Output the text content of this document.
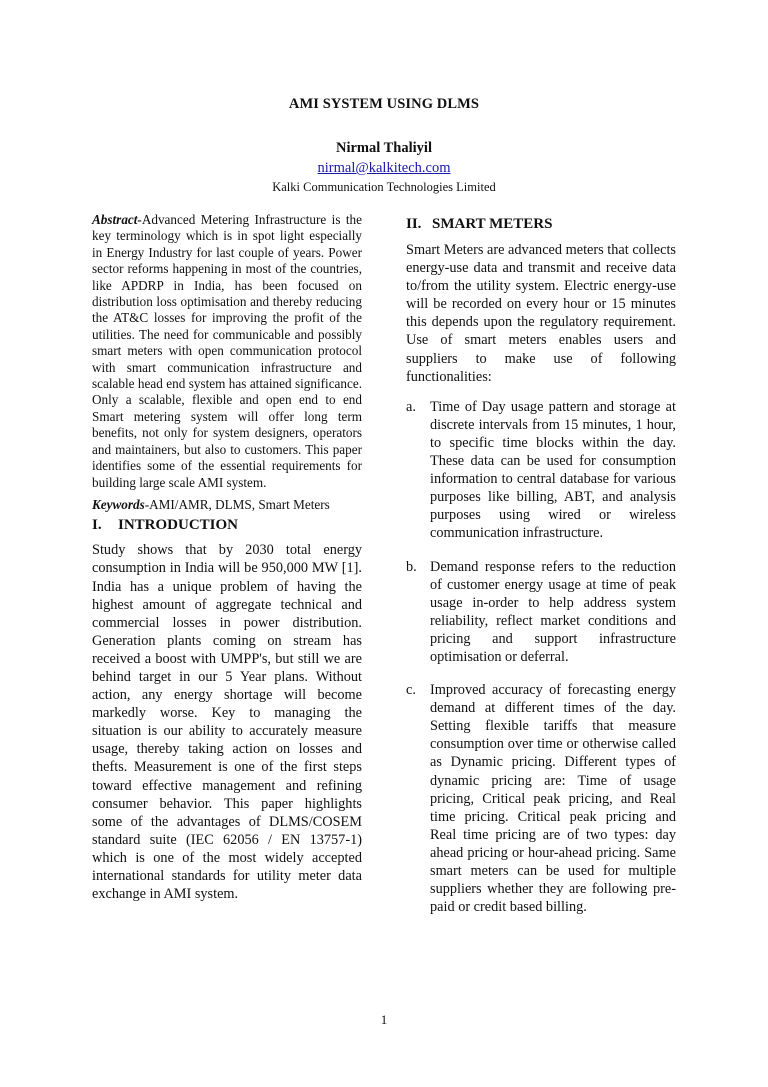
AMI SYSTEM USING DLMS
Nirmal Thaliyil
nirmal@kalkitech.com
Kalki Communication Technologies Limited

Abstract-Advanced Metering Infrastructure is the key terminology which is in spot light especially in Energy Industry for last couple of years. Power sector reforms happening in most of the countries, like APDRP in India, has been focused on distribution loss optimisation and thereby reducing the AT&C losses for improving the profit of the utilities. The need for communicable and possibly smart meters with open communication protocol with smart communication infrastructure and scalable head end system has attained significance. Only a scalable, flexible and open end to end Smart metering system will offer long term benefits, not only for system designers, operators and maintainers, but also to customers. This paper identifies some of the essential requirements for building large scale AMI system.

Keywords-AMI/AMR, DLMS, Smart Meters

I. INTRODUCTION

Study shows that by 2030 total energy consumption in India will be 950,000 MW [1]. India has a unique problem of having the highest amount of aggregate technical and commercial losses in power distribution. Generation plants coming on stream has received a boost with UMPP's, but still we are behind target in our 5 Year plans. Without action, any energy shortage will become markedly worse. Key to managing the situation is our ability to accurately measure usage, thereby taking action on losses and thefts. Measurement is one of the first steps toward effective management and refining consumer behavior. This paper highlights some of the advantages of DLMS/COSEM standard suite (IEC 62056 / EN 13757-1) which is one of the most widely accepted international standards for utility meter data exchange in AMI system.

II. SMART METERS

Smart Meters are advanced meters that collects energy-use data and transmit and receive data to/from the utility system. Electric energy-use will be recorded on every hour or 15 minutes this depends upon the regulatory requirement. Use of smart meters enables users and suppliers to make use of following functionalities:

a. Time of Day usage pattern and storage at discrete intervals from 15 minutes, 1 hour, to specific time blocks within the day. These data can be used for consumption information to central database for various purposes like billing, ABT, and analysis purposes using wired or wireless communication infrastructure.
b. Demand response refers to the reduction of customer energy usage at time of peak usage in-order to help address system reliability, reflect market conditions and pricing and support infrastructure optimisation or deferral.
c. Improved accuracy of forecasting energy demand at different times of the day. Setting flexible tariffs that measure consumption over time or otherwise called as Dynamic pricing. Different types of dynamic pricing are: Time of usage pricing, Critical peak pricing, and Real time pricing. Critical peak pricing and Real time pricing are of two types: day ahead pricing or hour-ahead pricing. Same smart meters can be used for multiple suppliers whether they are following pre-paid or credit based billing.
1
